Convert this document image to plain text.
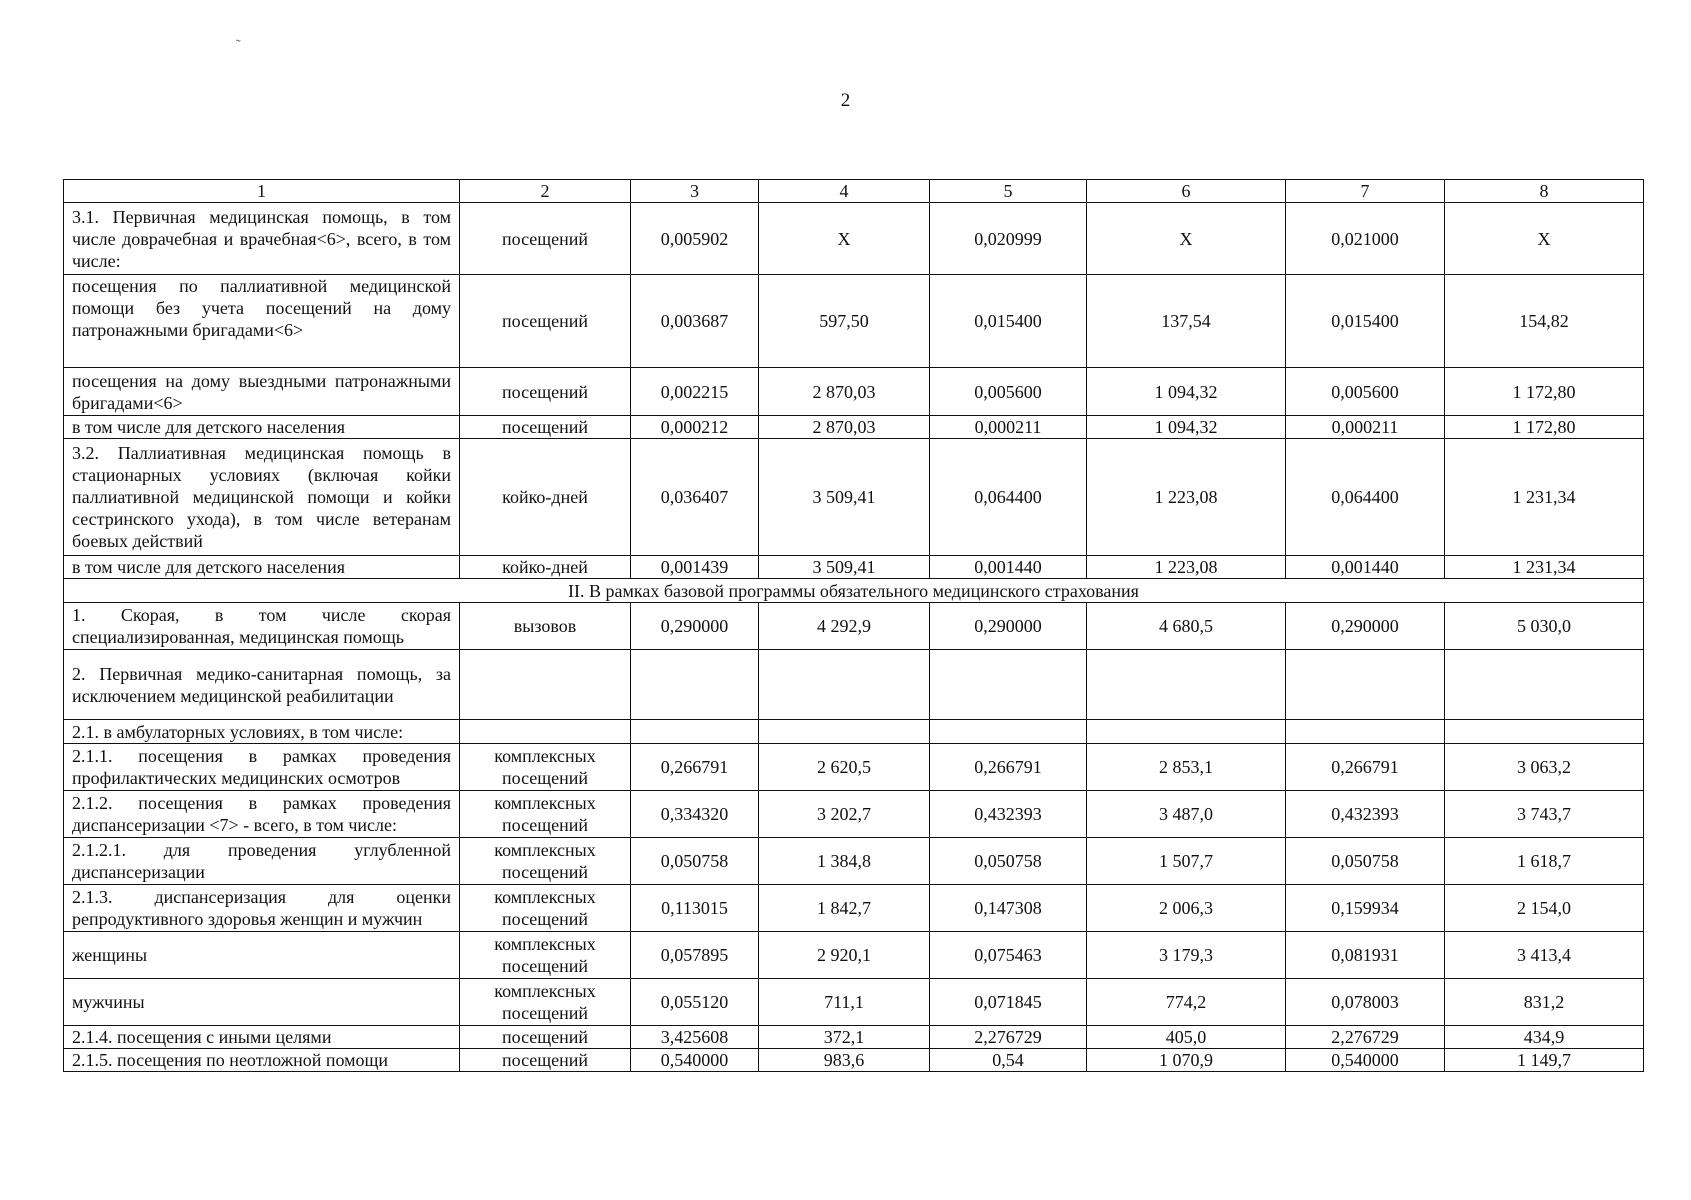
˜
2
1	2	3	4	5	6	7	8
3.1. Первичная медицинская помощь, в том числе доврачебная и врачебная<6>, всего, в том числе:	посещений	0,005902	X	0,020999	X	0,021000	X
посещения по паллиативной медицинской помощи без учета посещений на дому патронажными бригадами<6>	посещений	0,003687	597,50	0,015400	137,54	0,015400	154,82
посещения на дому выездными патронажными бригадами<6>	посещений	0,002215	2 870,03	0,005600	1 094,32	0,005600	1 172,80
в том числе для детского населения	посещений	0,000212	2 870,03	0,000211	1 094,32	0,000211	1 172,80
3.2. Паллиативная медицинская помощь в стационарных условиях (включая койки паллиативной медицинской помощи и койки сестринского ухода), в том числе ветеранам боевых действий	койко-дней	0,036407	3 509,41	0,064400	1 223,08	0,064400	1 231,34
в том числе для детского населения	койко-дней	0,001439	3 509,41	0,001440	1 223,08	0,001440	1 231,34
II. В рамках базовой программы обязательного медицинского страхования							
1. Скорая, в том числе скорая специализированная, медицинская помощь	вызовов	0,290000	4 292,9	0,290000	4 680,5	0,290000	5 030,0
2. Первичная медико-санитарная помощь, за исключением медицинской реабилитации							
2.1. в амбулаторных условиях, в том числе:							
2.1.1. посещения в рамках проведения профилактических медицинских осмотров	комплексных посещений	0,266791	2 620,5	0,266791	2 853,1	0,266791	3 063,2
2.1.2. посещения в рамках проведения диспансеризации <7> - всего, в том числе:	комплексных посещений	0,334320	3 202,7	0,432393	3 487,0	0,432393	3 743,7
2.1.2.1. для проведения углубленной диспансеризации	комплексных посещений	0,050758	1 384,8	0,050758	1 507,7	0,050758	1 618,7
2.1.3. диспансеризация для оценки репродуктивного здоровья женщин и мужчин	комплексных посещений	0,113015	1 842,7	0,147308	2 006,3	0,159934	2 154,0
женщины	комплексных посещений	0,057895	2 920,1	0,075463	3 179,3	0,081931	3 413,4
мужчины	комплексных посещений	0,055120	711,1	0,071845	774,2	0,078003	831,2
2.1.4. посещения с иными целями	посещений	3,425608	372,1	2,276729	405,0	2,276729	434,9
2.1.5. посещения по неотложной помощи	посещений	0,540000	983,6	0,54	1 070,9	0,540000	1 149,7
